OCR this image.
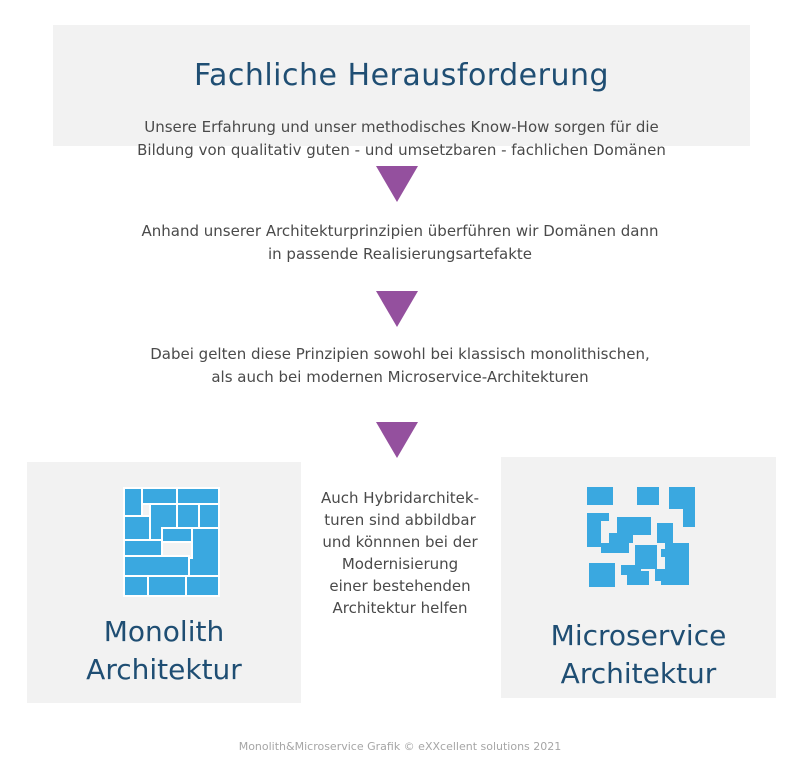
Fachliche Herausforderung
Unsere Erfahrung und unser methodisches Know-How sorgen für die
Bildung von qualitativ guten - und umsetzbaren - fachlichen Domänen
Anhand unserer Architekturprinzipien überführen wir Domänen dann
in passende Realisierungsartefakte
Dabei gelten diese Prinzipien sowohl bei klassisch monolithischen,
als auch bei modernen Microservice-Architekturen
Monolith
Architektur
Auch Hybridarchitek-
turen sind abbildbar
und könnnen bei der
Modernisierung
einer bestehenden
Architektur helfen
Microservice
Architektur
Monolith&Microservice Grafik © eXXcellent solutions 2021
